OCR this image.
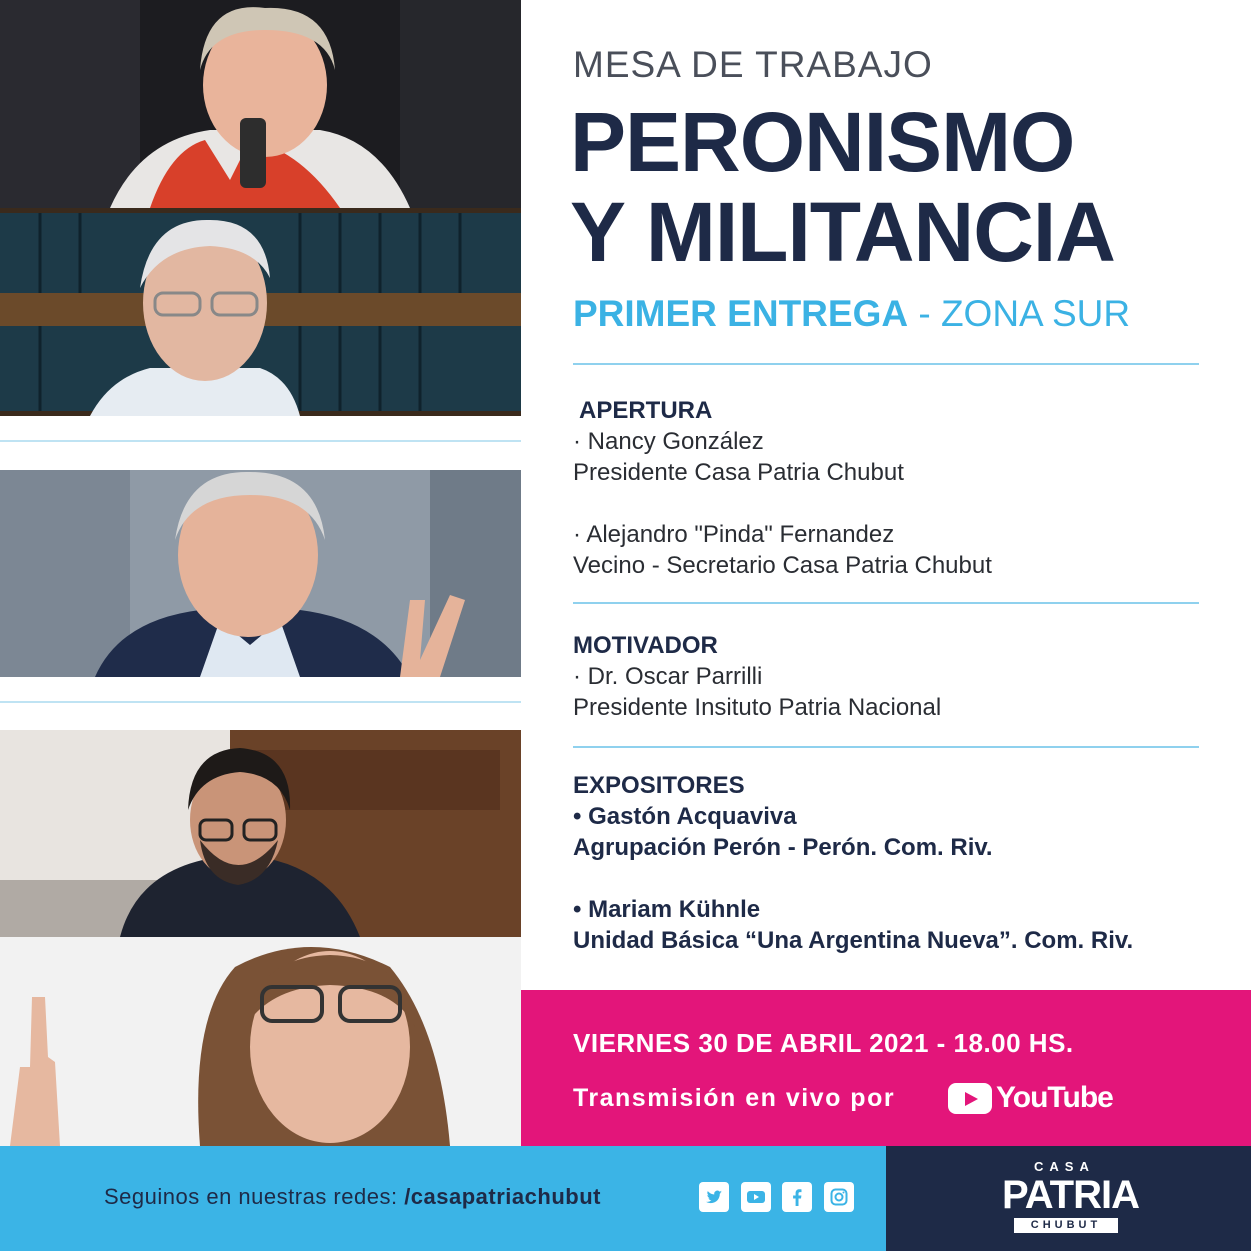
MESA DE TRABAJO
PERONISMO
Y MILITANCIA
PRIMER ENTREGA - ZONA SUR
APERTURA
· Nancy González
Presidente Casa Patria Chubut
· Alejandro "Pinda" Fernandez
Vecino - Secretario Casa Patria Chubut
MOTIVADOR
· Dr. Oscar Parrilli
Presidente Insituto Patria Nacional
EXPOSITORES
• Gastón Acquaviva
Agrupación Perón - Perón. Com. Riv.
• Mariam Kühnle
Unidad Básica “Una Argentina Nueva”. Com. Riv.
VIERNES 30 DE ABRIL 2021 - 18.00 HS.
Transmisión en vivo por	YouTube
Seguinos en nuestras redes: /casapatriachubut
CASA
PATRIA
CHUBUT
